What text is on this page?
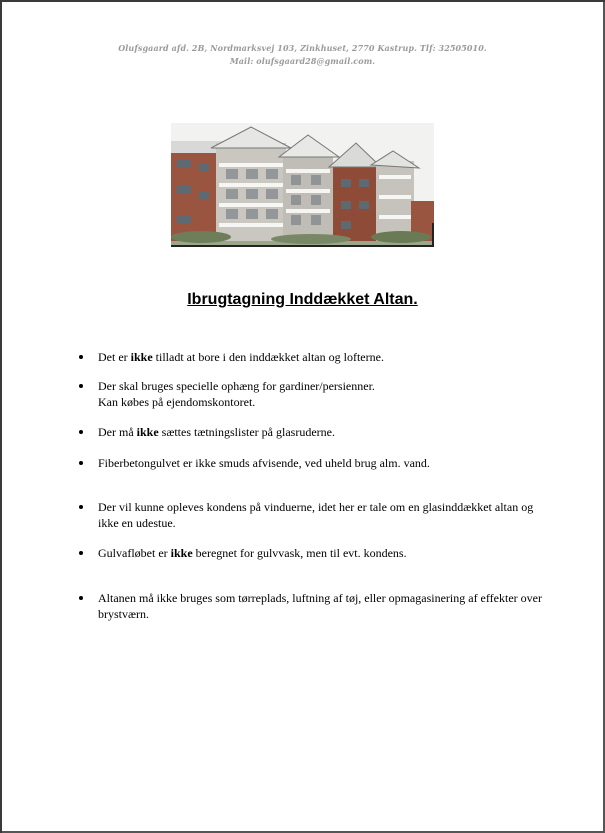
Olufsgaard afd. 2B, Nordmarksvej 103, Zinkhuset, 2770 Kastrup. Tlf: 32505010.
Mail: olufsgaard28@gmail.com.
Ibrugtagning Inddækket Altan.
Det er ikke tilladt at bore i den inddækket altan og lofterne.
Der skal bruges specielle ophæng for gardiner/persienner.
Kan købes på ejendomskontoret.
Der må ikke sættes tætningslister på glasruderne.
Fiberbetongulvet er ikke smuds afvisende, ved uheld brug alm. vand.
Der vil kunne opleves kondens på vinduerne, idet her er tale om en glasinddækket altan og ikke en udestue.
Gulvafløbet er ikke beregnet for gulvvask, men til evt. kondens.
Altanen må ikke bruges som tørreplads, luftning af tøj, eller opmagasinering af effekter over brystværn.
